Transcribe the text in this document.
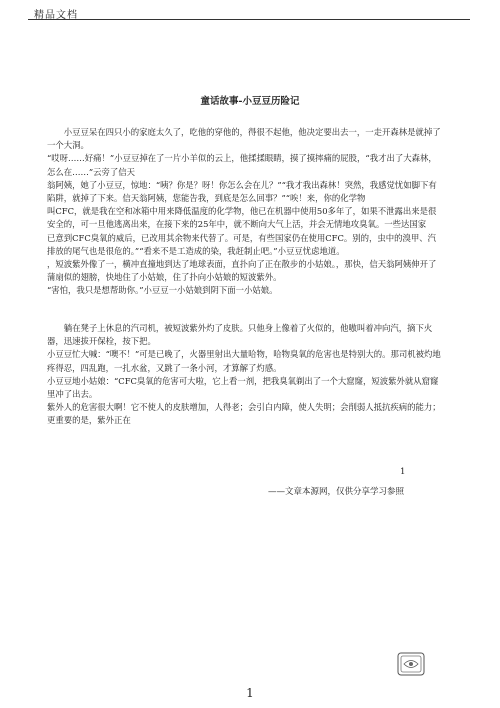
精品文档
童话故事-小豆豆历险记

小豆豆呆在四只小的家庭太久了，吃他的穿他的，得很不起他，他决定要出去一，一走开森林是就掉了一个大洞。

“哎呀……好痛！”小豆豆掉在了一片小羊似的云上，他揉揉眼睛，摸了摸摔痛的屁股，“我才出了大森林，怎么在……”云旁了信天

翁阿姨，她了小豆豆，惊地：“咦？你是？呀！你怎么会在儿？”“我才我出森林！突然，我感觉忧如脚下有陷阱，就掉了下来。信天翁阿姨，您能告我，到底是怎么回事？”“唉！来，你的化学物

叫CFC，就是我在空和冰箱中用来降低温度的化学物，他已在机器中使用50多年了，如果不泄露出来是很安全的，可一旦他逃离出来，在接下来的25年中，就不断向大气上活，并会无情地攻臭氧。一些达国家

已意到CFC臭氧的威后，已改用其余物来代替了。可是，有些国家仍在使用CFC。别的，虫中的溴甲、汽排放的尾气也是很危的。”“看来不是工造成的染，我赶制止吧。”小豆豆忧虑地道。

，短波紫外像了一，横冲直撞地到达了地球表面，直扑向了正在散步的小姑娘。，那快，信天翁阿姨伸开了蒲扇似的翅膀，快地住了小姑娘，住了扑向小姑娘的短波紫外。

“害怕，我只是想帮助你。”小豆豆一小姑娘到阴下面一小姑娘。

躺在凳子上休息的汽司机，被短波紫外灼了皮肤。只他身上像着了火似的，他嗷叫着冲向汽，摘下火器，迅速拔开保栓，按下把。

小豆豆忙大喊：“噢不！”可是已晚了，火器里射出大量哈物，哈物臭氧的危害也是特别大的。那司机被灼地疼得忍，四乱跑，一扎水盆，又跳了一条小河，才算解了灼感。

小豆豆地小姑娘：“CFC臭氧的危害可大啦，它上看一剂，把我臭氧剃出了一个大窟窿，短波紫外就从窟窿里冲了出去。

紫外人的危害很大啊！它不使人的皮肤增加，人得老；会引白内障，使人失明；会削弱人抵抗疾病的能力；更重要的是，紫外正在

1
——文章本源网，仅供分享学习参照
1
